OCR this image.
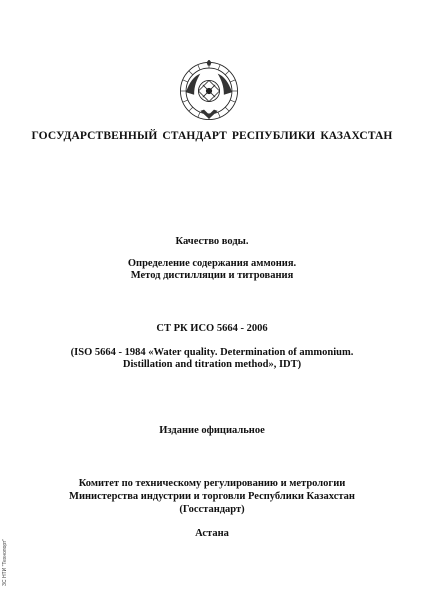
ГОСУДАРСТВЕННЫЙ СТАНДАРТ РЕСПУБЛИКИ КАЗАХСТАН
Качество воды.
Определение содержания аммония.
Метод дистилляции и титрования
СТ РК ИСО 5664 - 2006
(ISO 5664 - 1984 «Water quality. Determination of ammonium.
Distillation and titration method», IDT)
Издание официальное
Комитет по техническому регулированию и метрологии
Министерства индустрии и торговли Республики Казахстан
(Госстандарт)
Астана
ЗС НТИ "Технопорт"
